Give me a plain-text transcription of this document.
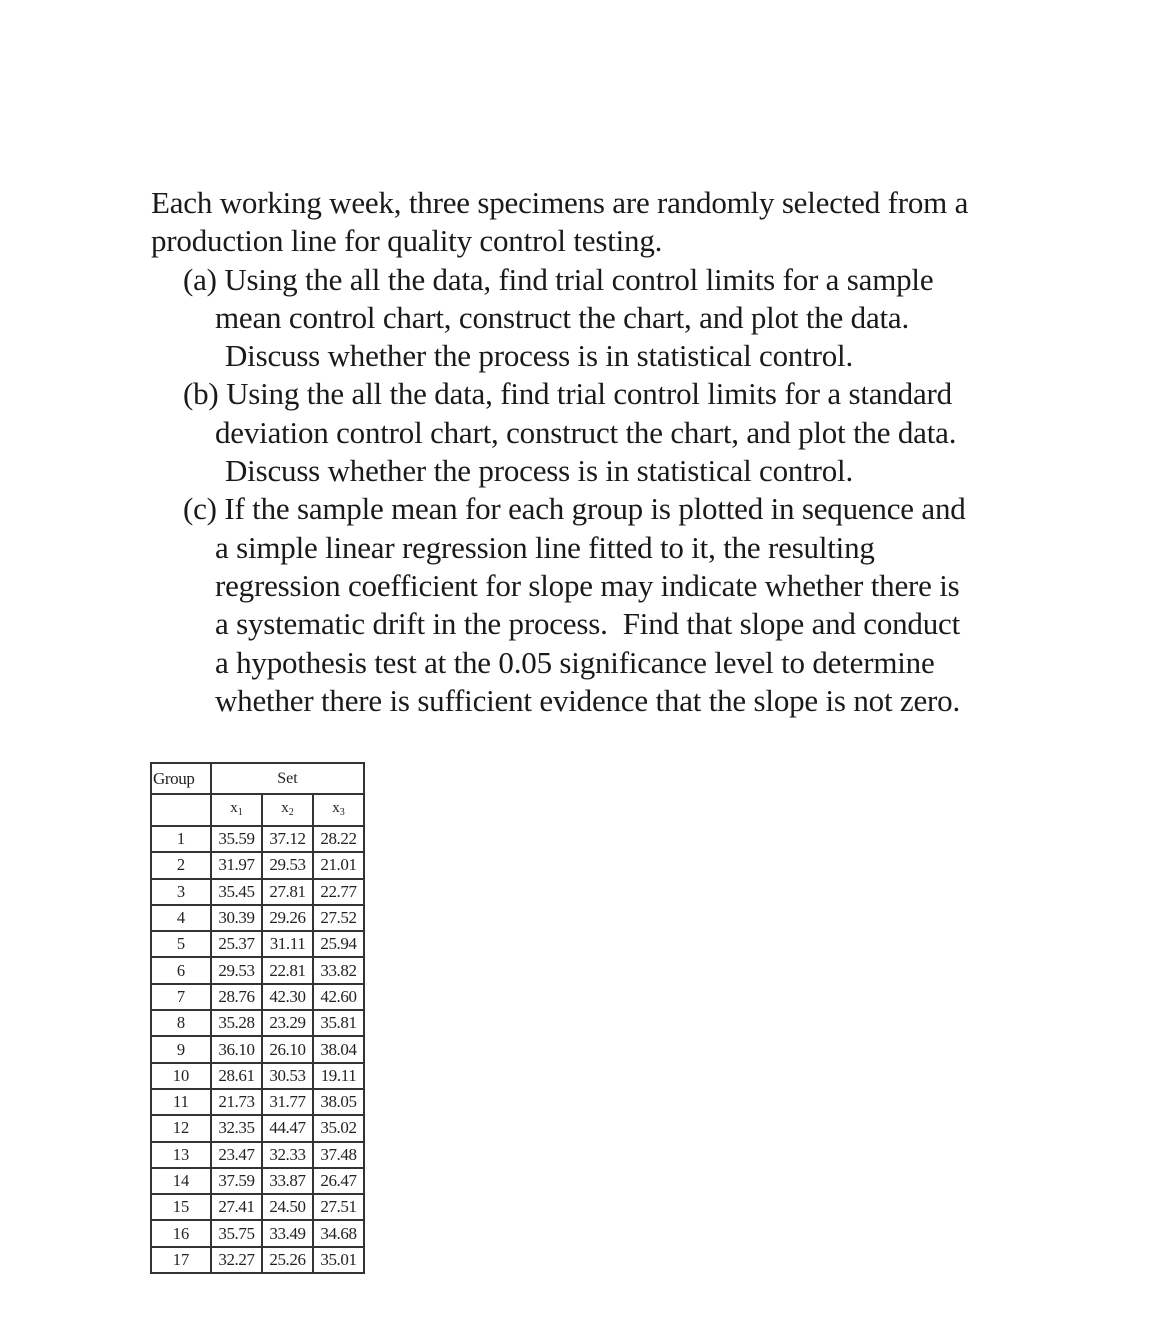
Each working week, three specimens are randomly selected from a
production line for quality control testing.

(a) Using the all the data, find trial control limits for a sample
mean control chart, construct the chart, and plot the data.
Discuss whether the process is in statistical control.

(b) Using the all the data, find trial control limits for a standard
deviation control chart, construct the chart, and plot the data.
Discuss whether the process is in statistical control.

(c) If the sample mean for each group is plotted in sequence and
a simple linear regression line fitted to it, the resulting
regression coefficient for slope may indicate whether there is
a systematic drift in the process.  Find that slope and conduct
a hypothesis test at the 0.05 significance level to determine
whether there is sufficient evidence that the slope is not zero.

Group	Set		
	$x_1$	$x_2$	$x_3$
1	35.59	37.12	28.22
2	31.97	29.53	21.01
3	35.45	27.81	22.77
4	30.39	29.26	27.52
5	25.37	31.11	25.94
6	29.53	22.81	33.82
7	28.76	42.30	42.60
8	35.28	23.29	35.81
9	36.10	26.10	38.04
10	28.61	30.53	19.11
11	21.73	31.77	38.05
12	32.35	44.47	35.02
13	23.47	32.33	37.48
14	37.59	33.87	26.47
15	27.41	24.50	27.51
16	35.75	33.49	34.68
17	32.27	25.26	35.01
